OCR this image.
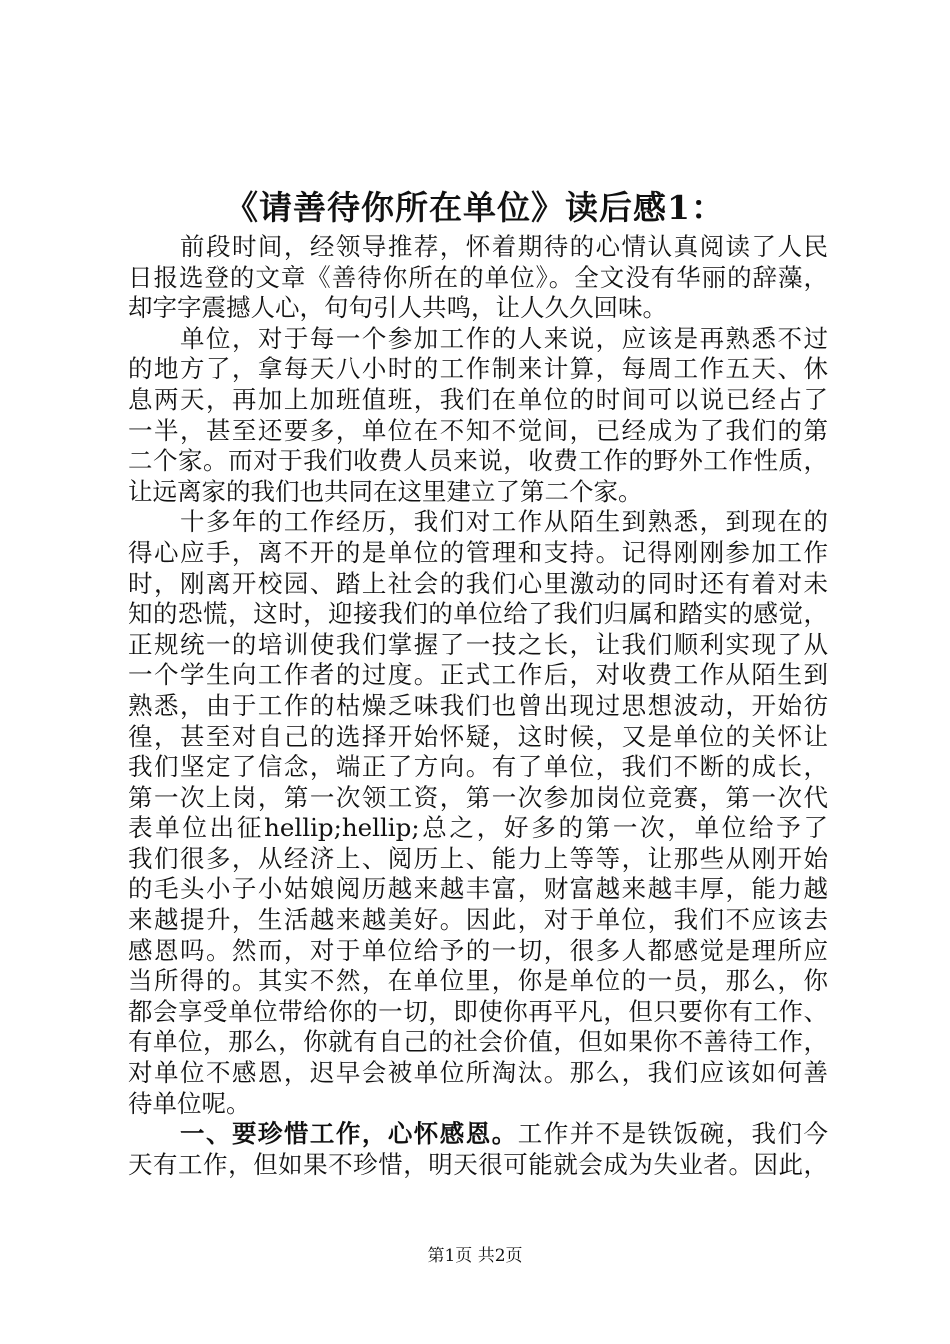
《请善待你所在单位》读后感1：
前段时间，经领导推荐，怀着期待的心情认真阅读了人民
日报选登的文章《善待你所在的单位》。全文没有华丽的辞藻，
却字字震撼人心，句句引人共鸣，让人久久回味。
单位，对于每一个参加工作的人来说，应该是再熟悉不过
的地方了，拿每天八小时的工作制来计算，每周工作五天、休
息两天，再加上加班值班，我们在单位的时间可以说已经占了
一半，甚至还要多，单位在不知不觉间，已经成为了我们的第
二个家。而对于我们收费人员来说，收费工作的野外工作性质，
让远离家的我们也共同在这里建立了第二个家。
十多年的工作经历，我们对工作从陌生到熟悉，到现在的
得心应手，离不开的是单位的管理和支持。记得刚刚参加工作
时，刚离开校园、踏上社会的我们心里激动的同时还有着对未
知的恐慌，这时，迎接我们的单位给了我们归属和踏实的感觉，
正规统一的培训使我们掌握了一技之长，让我们顺利实现了从
一个学生向工作者的过度。正式工作后，对收费工作从陌生到
熟悉，由于工作的枯燥乏味我们也曾出现过思想波动，开始彷
徨，甚至对自己的选择开始怀疑，这时候，又是单位的关怀让
我们坚定了信念，端正了方向。有了单位，我们不断的成长，
第一次上岗，第一次领工资，第一次参加岗位竞赛，第一次代
表单位出征hellip;hellip;总之，好多的第一次，单位给予了
我们很多，从经济上、阅历上、能力上等等，让那些从刚开始
的毛头小子小姑娘阅历越来越丰富，财富越来越丰厚，能力越
来越提升，生活越来越美好。因此，对于单位，我们不应该去
感恩吗。然而，对于单位给予的一切，很多人都感觉是理所应
当所得的。其实不然，在单位里，你是单位的一员，那么，你
都会享受单位带给你的一切，即使你再平凡，但只要你有工作、
有单位，那么，你就有自己的社会价值，但如果你不善待工作，
对单位不感恩，迟早会被单位所淘汰。那么，我们应该如何善
待单位呢。
一、要珍惜工作，心怀感恩。工作并不是铁饭碗，我们今
天有工作，但如果不珍惜，明天很可能就会成为失业者。因此，
第1页 共2页
